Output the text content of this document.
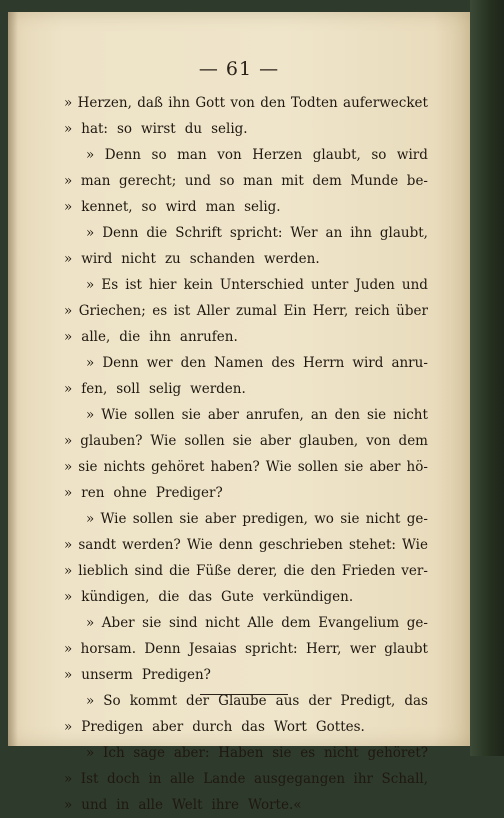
— 61 —
» Herzen, daß ihn Gott von den Todten auferwecket
» hat: so wirst du selig.
» Denn so man von Herzen glaubt, so wird
» man gerecht; und so man mit dem Munde be-
» kennet, so wird man selig.
» Denn die Schrift spricht: Wer an ihn glaubt,
» wird nicht zu schanden werden.
» Es ist hier kein Unterschied unter Juden und
» Griechen; es ist Aller zumal Ein Herr, reich über
» alle, die ihn anrufen.
» Denn wer den Namen des Herrn wird anru-
» fen, soll selig werden.
» Wie sollen sie aber anrufen, an den sie nicht
» glauben? Wie sollen sie aber glauben, von dem
» sie nichts gehöret haben? Wie sollen sie aber hö-
» ren ohne Prediger?
» Wie sollen sie aber predigen, wo sie nicht ge-
» sandt werden? Wie denn geschrieben stehet: Wie
» lieblich sind die Füße derer, die den Frieden ver-
» kündigen, die das Gute verkündigen.
» Aber sie sind nicht Alle dem Evangelium ge-
» horsam. Denn Jesaias spricht: Herr, wer glaubt
» unserm Predigen?
» So kommt der Glaube aus der Predigt, das
» Predigen aber durch das Wort Gottes.
» Ich sage aber: Haben sie es nicht gehöret?
» Ist doch in alle Lande ausgegangen ihr Schall,
» und in alle Welt ihre Worte.«
